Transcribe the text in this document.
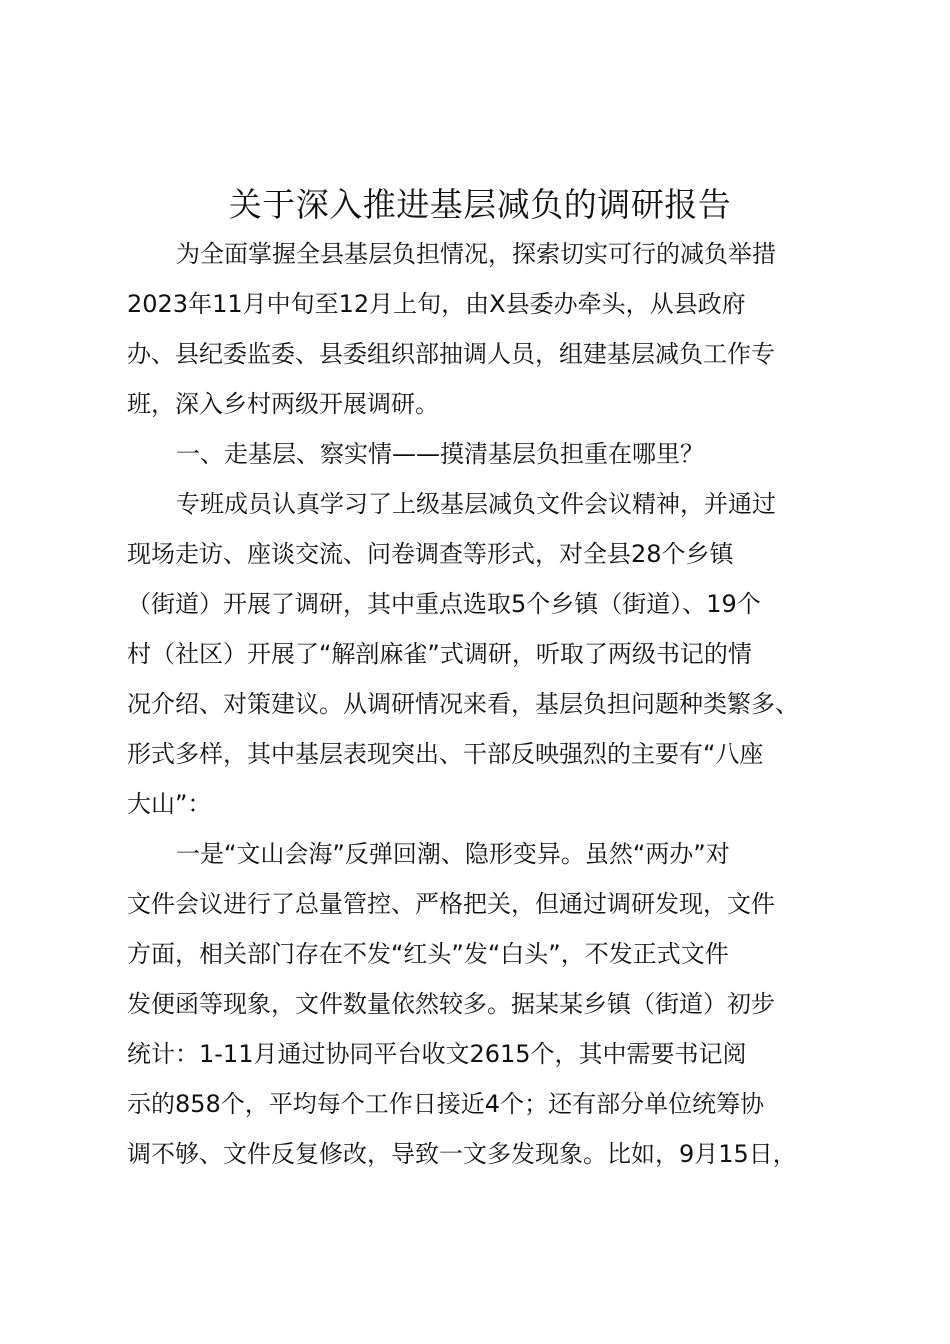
关于深入推进基层减负的调研报告
为全面掌握全县基层负担情况，探索切实可行的减负举措
2023年11月中旬至12月上旬，由X县委办牵头，从县政府
办、县纪委监委、县委组织部抽调人员，组建基层减负工作专
班，深入乡村两级开展调研。
一、走基层、察实情——摸清基层负担重在哪里？
专班成员认真学习了上级基层减负文件会议精神，并通过
现场走访、座谈交流、问卷调查等形式，对全县28个乡镇
（街道）开展了调研，其中重点选取5个乡镇（街道）、19个
村（社区）开展了“解剖麻雀”式调研，听取了两级书记的情
况介绍、对策建议。从调研情况来看，基层负担问题种类繁多、
形式多样，其中基层表现突出、干部反映强烈的主要有“八座
大山”：
一是“文山会海”反弹回潮、隐形变异。虽然“两办”对
文件会议进行了总量管控、严格把关，但通过调研发现，文件
方面，相关部门存在不发“红头”发“白头”，不发正式文件
发便函等现象，文件数量依然较多。据某某乡镇（街道）初步
统计：1-11月通过协同平台收文2615个，其中需要书记阅
示的858个，平均每个工作日接近4个；还有部分单位统筹协
调不够、文件反复修改，导致一文多发现象。比如，9月15日，
